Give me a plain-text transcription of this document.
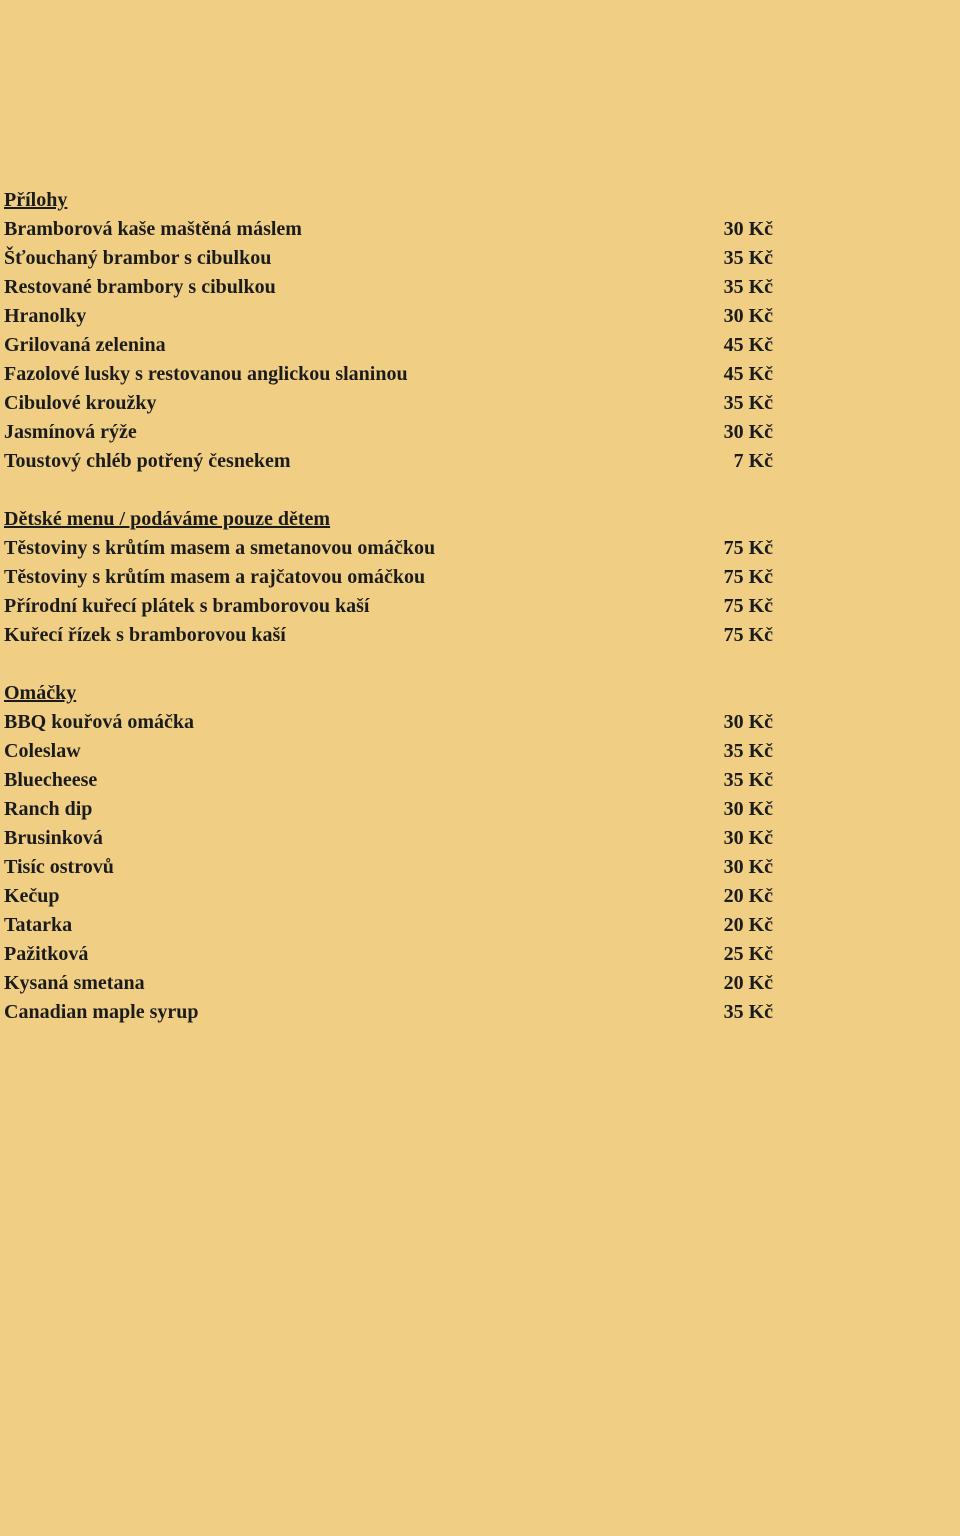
Přílohy
Bramborová kaše maštěná máslem	30 Kč
Šťouchaný brambor s cibulkou	35 Kč
Restované brambory s cibulkou	35 Kč
Hranolky	30 Kč
Grilovaná zelenina	45 Kč
Fazolové lusky s restovanou anglickou slaninou	45 Kč
Cibulové kroužky	35 Kč
Jasmínová rýže	30 Kč
Toustový chléb potřený česnekem	7 Kč
Dětské menu / podáváme pouze dětem
Těstoviny s krůtím masem a smetanovou omáčkou	75 Kč
Těstoviny s krůtím masem a rajčatovou omáčkou	75 Kč
Přírodní kuřecí plátek s bramborovou kaší	75 Kč
Kuřecí řízek s bramborovou kaší	75 Kč
Omáčky
BBQ kouřová omáčka	30 Kč
Coleslaw	35 Kč
Bluecheese	35 Kč
Ranch dip	30 Kč
Brusinková	30 Kč
Tisíc ostrovů	30 Kč
Kečup	20 Kč
Tatarka	20 Kč
Pažitková	25 Kč
Kysaná smetana	20 Kč
Canadian maple syrup	35 Kč
